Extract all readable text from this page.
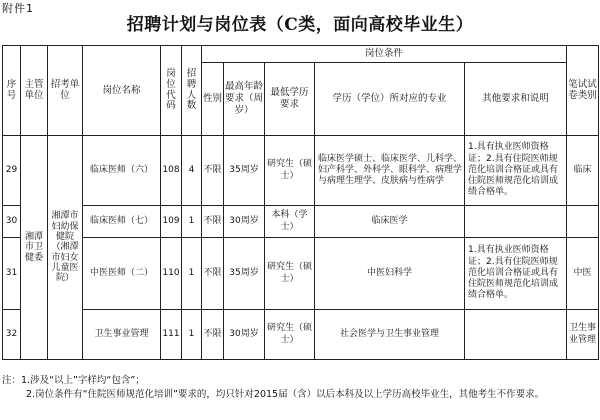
附件1
招聘计划与岗位表（C类，面向高校毕业生）
序号	主管单位	招考单位	岗位名称	岗位代码	招聘人数	岗位条件					笔试试卷类别
						性别	最高年龄要求（周岁）	最低学历要求	学历（学位）所对应的专业	其他要求和说明	
29	湘潭市卫健委	湘潭市妇幼保健院（湘潭市妇女儿童医院）	临床医师（六）	108	4	不限	35周岁	研究生（硕士）	临床医学硕士、临床医学、儿科学、妇产科学、外科学、眼科学、病理学与病理生理学、皮肤病与性病学	1.具有执业医师资格证；2.具有住院医师规范化培训合格证或具有住院医师规范化培训成绩合格单。	临床
30			临床医师（七）	109	1	不限	30周岁	本科（学士）	临床医学		
31			中医医师（二）	110	1	不限	35周岁	研究生（硕士）	中医妇科学	1.具有执业医师资格证；2.具有住院医师规范化培训合格证或具有住院医师规范化培训成绩合格单。	中医
32			卫生事业管理	111	1	不限	30周岁	研究生（硕士）	社会医学与卫生事业管理		卫生事业管理
注：1.涉及“以上”字样均“包含”；
2.岗位条件有“住院医师规范化培训”要求的，均只针对2015届（含）以后本科及以上学历高校毕业生，其他考生不作要求。
